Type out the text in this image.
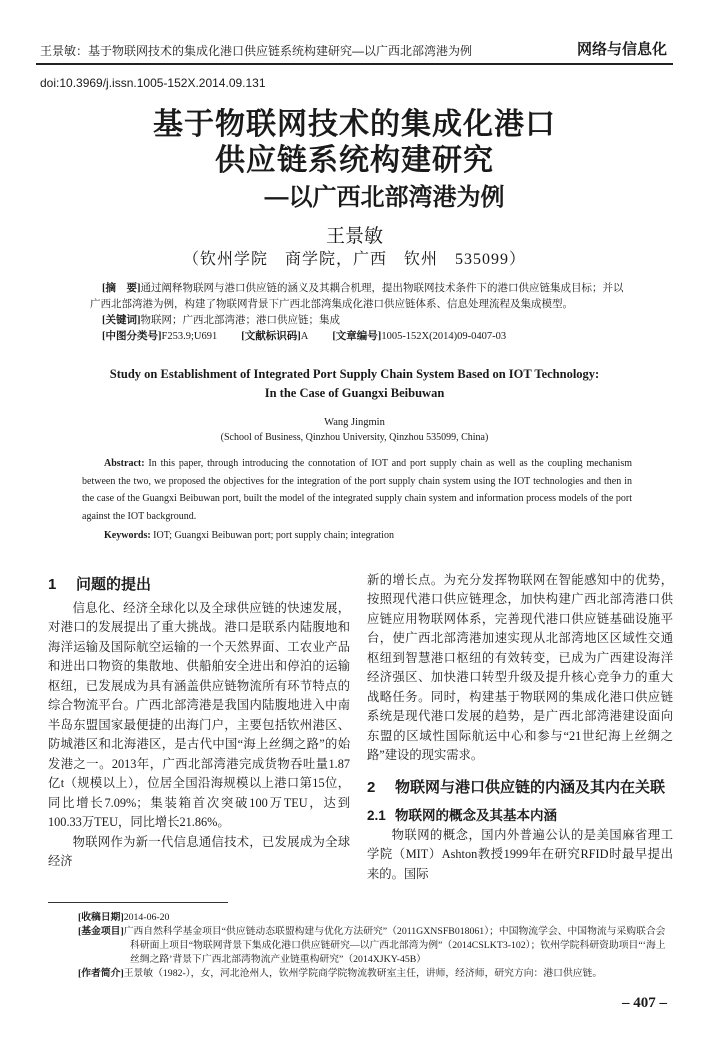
王景敏：基于物联网技术的集成化港口供应链系统构建研究—以广西北部湾港为例	网络与信息化
doi:10.3969/j.issn.1005-152X.2014.09.131
基于物联网技术的集成化港口
供应链系统构建研究
—以广西北部湾港为例
王景敏
（钦州学院　商学院，广西　钦州　535099）

[摘　要]通过阐释物联网与港口供应链的涵义及其耦合机理，提出物联网技术条件下的港口供应链集成目标；并以广西北部湾港为例，构建了物联网背景下广西北部湾集成化港口供应链体系、信息处理流程及集成模型。

[关键词]物联网；广西北部湾港；港口供应链；集成

[中图分类号]F253.9;U691 [文献标识码]A [文章编号]1005-152X(2014)09-0407-03
Study on Establishment of Integrated Port Supply Chain System Based on IOT Technology:
In the Case of Guangxi Beibuwan
Wang Jingmin
(School of Business, Qinzhou University, Qinzhou 535099, China)

Abstract: In this paper, through introducing the connotation of IOT and port supply chain as well as the coupling mechanism between the two, we proposed the objectives for the integration of the port supply chain system using the IOT technologies and then in the case of the Guangxi Beibuwan port, built the model of the integrated supply chain system and information process models of the port against the IOT background.

Keywords: IOT; Guangxi Beibuwan port; port supply chain; integration

1 问题的提出

信息化、经济全球化以及全球供应链的快速发展，对港口的发展提出了重大挑战。港口是联系内陆腹地和海洋运输及国际航空运输的一个天然界面、工农业产品和进出口物资的集散地、供船舶安全进出和停泊的运输枢纽，已发展成为具有涵盖供应链物流所有环节特点的综合物流平台。广西北部湾港是我国内陆腹地进入中南半岛东盟国家最便捷的出海门户，主要包括钦州港区、防城港区和北海港区，是古代中国“海上丝绸之路”的始发港之一。2013年，广西北部湾港完成货物吞吐量1.87亿t（规模以上），位居全国沿海规模以上港口第15位，同比增长7.09%；集装箱首次突破100万TEU，达到100.33万TEU，同比增长21.86%。

物联网作为新一代信息通信技术，已发展成为全球经济

新的增长点。为充分发挥物联网在智能感知中的优势，按照现代港口供应链理念，加快构建广西北部湾港口供应链应用物联网体系，完善现代港口供应链基础设施平台，使广西北部湾港加速实现从北部湾地区区域性交通枢纽到智慧港口枢纽的有效转变，已成为广西建设海洋经济强区、加快港口转型升级及提升核心竞争力的重大战略任务。同时，构建基于物联网的集成化港口供应链系统是现代港口发展的趋势，是广西北部湾港建设面向东盟的区域性国际航运中心和参与“21世纪海上丝绸之路”建设的现实需求。

2 物联网与港口供应链的内涵及其内在关联
2.1 物联网的概念及其基本内涵

物联网的概念，国内外普遍公认的是美国麻省理工学院（MIT）Ashton教授1999年在研究RFID时最早提出来的。国际

[收稿日期]2014-06-20

[基金项目]广西自然科学基金项目“供应链动态联盟构建与优化方法研究”（2011GXNSFB018061）；中国物流学会、中国物流与采购联合会科研面上项目“物联网背景下集成化港口供应链研究—以广西北部湾为例”（2014CSLKT3-102）；钦州学院科研资助项目“‘海上丝绸之路’背景下广西北部湾物流产业链重构研究”（2014XJKY-45B）

[作者简介]王景敏（1982-），女，河北沧州人，钦州学院商学院物流教研室主任，讲师，经济师，研究方向：港口供应链。

– 407 –
